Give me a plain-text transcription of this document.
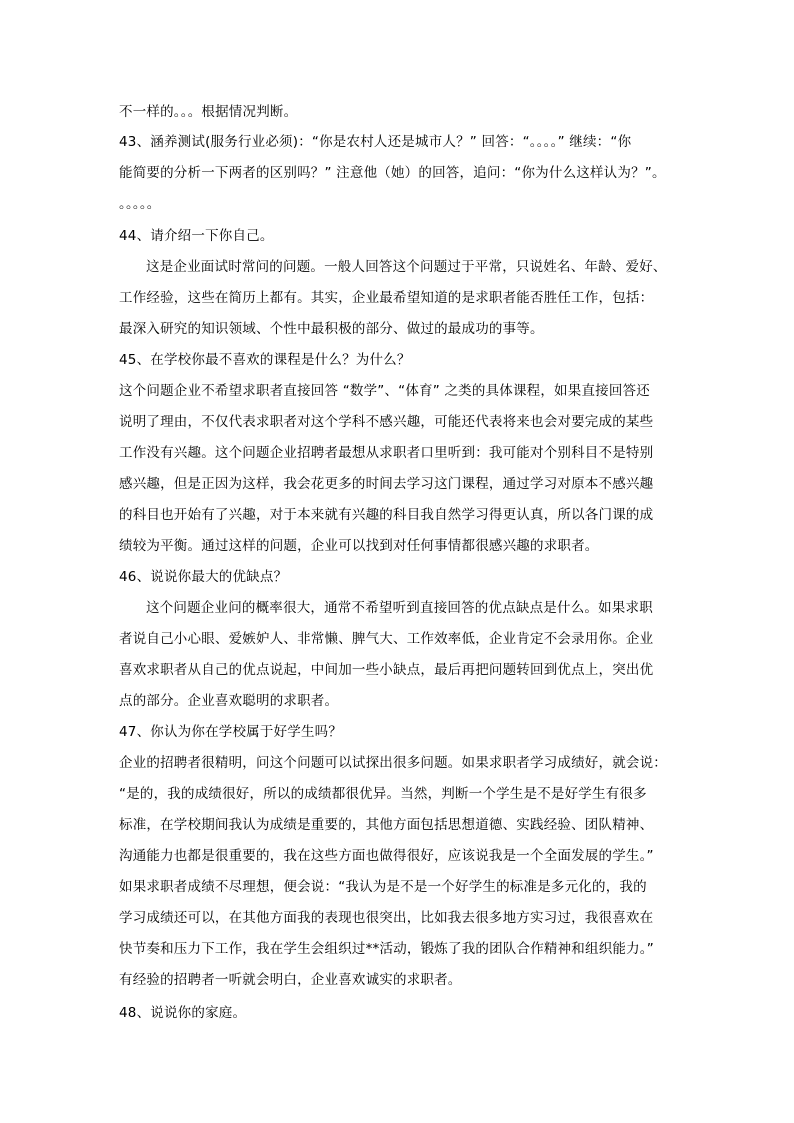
不一样的。。。根据情况判断。
43、涵养测试(服务行业必须)：“你是农村人还是城市人？” 回答：“。。。。” 继续：“你
能简要的分析一下两者的区别吗？” 注意他（她）的回答，追问：“你为什么这样认为？”。
。。。。。
44、请介绍一下你自己。
这是企业面试时常问的问题。一般人回答这个问题过于平常，只说姓名、年龄、爱好、
工作经验，这些在简历上都有。其实，企业最希望知道的是求职者能否胜任工作，包括：
最深入研究的知识领域、个性中最积极的部分、做过的最成功的事等。
45、在学校你最不喜欢的课程是什么？为什么？
这个问题企业不希望求职者直接回答 “数学”、“体育” 之类的具体课程，如果直接回答还
说明了理由，不仅代表求职者对这个学科不感兴趣，可能还代表将来也会对要完成的某些
工作没有兴趣。这个问题企业招聘者最想从求职者口里听到：我可能对个别科目不是特别
感兴趣，但是正因为这样，我会花更多的时间去学习这门课程，通过学习对原本不感兴趣
的科目也开始有了兴趣，对于本来就有兴趣的科目我自然学习得更认真，所以各门课的成
绩较为平衡。通过这样的问题，企业可以找到对任何事情都很感兴趣的求职者。
46、说说你最大的优缺点？
这个问题企业问的概率很大，通常不希望听到直接回答的优点缺点是什么。如果求职
者说自己小心眼、爱嫉妒人、非常懒、脾气大、工作效率低，企业肯定不会录用你。企业
喜欢求职者从自己的优点说起，中间加一些小缺点，最后再把问题转回到优点上，突出优
点的部分。企业喜欢聪明的求职者。
47、你认为你在学校属于好学生吗？
企业的招聘者很精明，问这个问题可以试探出很多问题。如果求职者学习成绩好，就会说：
“是的，我的成绩很好，所以的成绩都很优异。当然，判断一个学生是不是好学生有很多
标准，在学校期间我认为成绩是重要的，其他方面包括思想道德、实践经验、团队精神、
沟通能力也都是很重要的，我在这些方面也做得很好，应该说我是一个全面发展的学生。”
如果求职者成绩不尽理想，便会说：“我认为是不是一个好学生的标准是多元化的，我的
学习成绩还可以，在其他方面我的表现也很突出，比如我去很多地方实习过，我很喜欢在
快节奏和压力下工作，我在学生会组织过**活动，锻炼了我的团队合作精神和组织能力。”
有经验的招聘者一听就会明白，企业喜欢诚实的求职者。
48、说说你的家庭。
